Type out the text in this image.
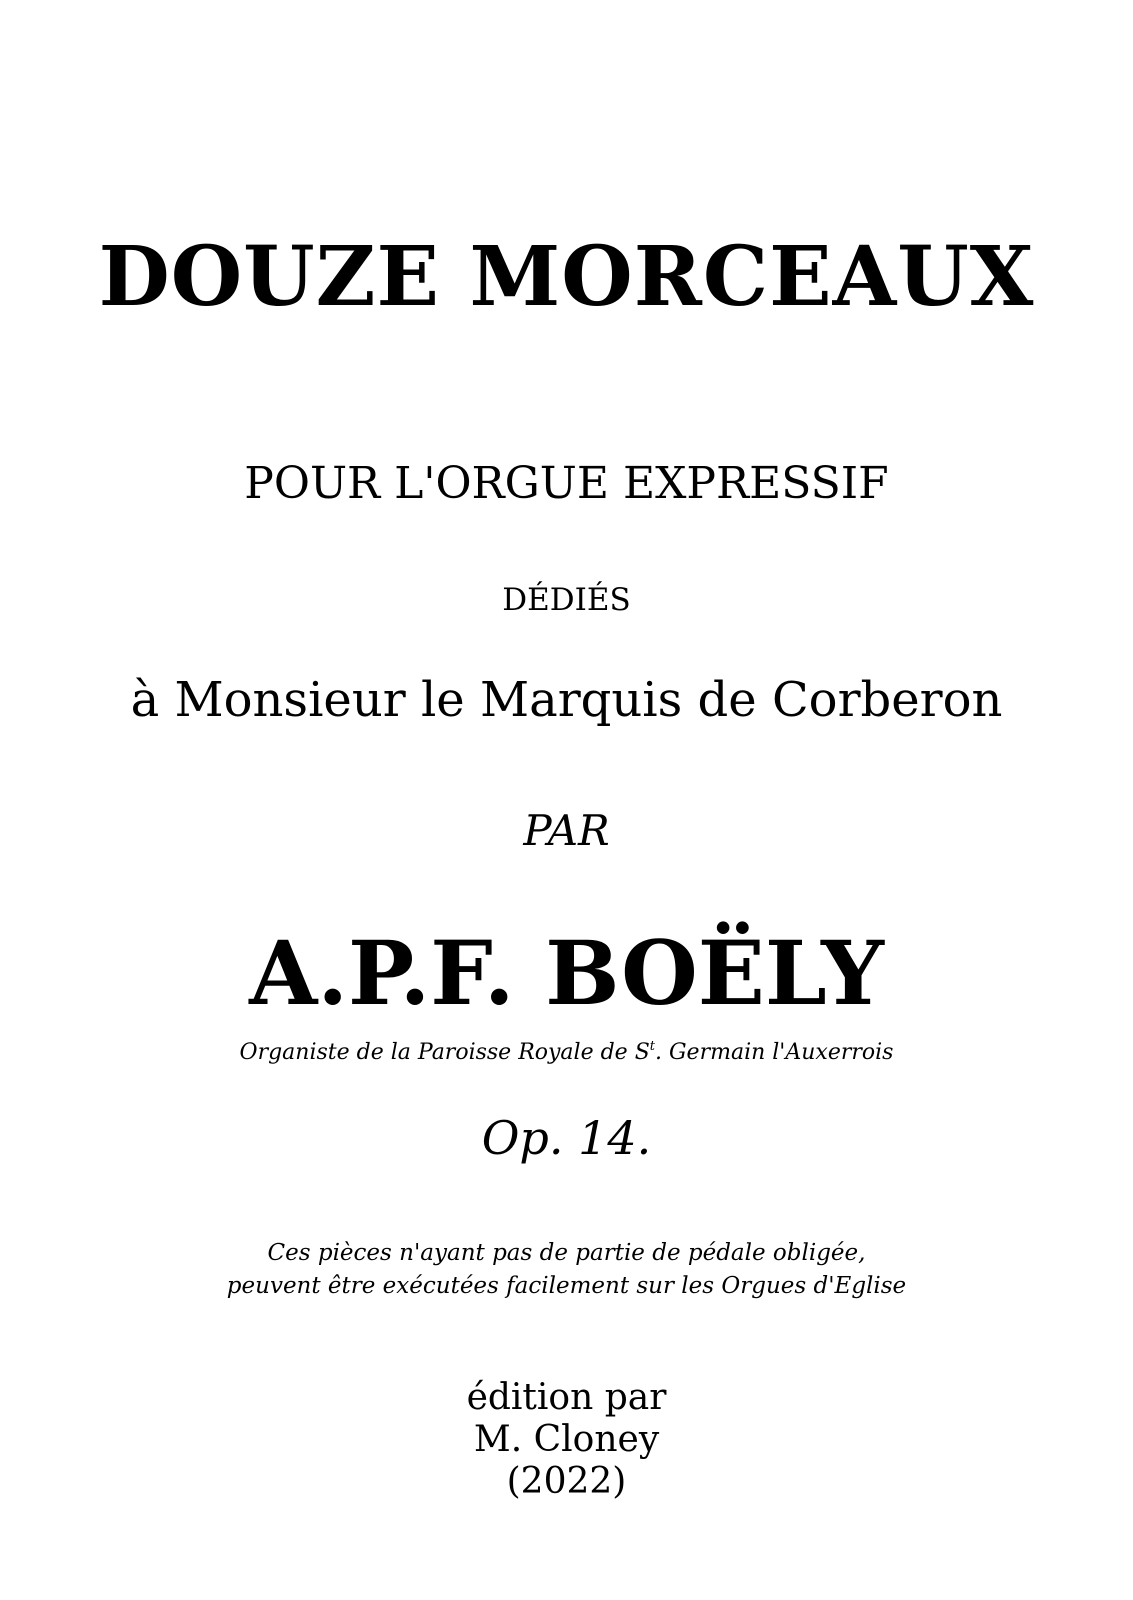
DOUZE MORCEAUX

POUR L'ORGUE EXPRESSIF

DÉDIÉS

à Monsieur le Marquis de Corberon

PAR

A.P.F. BOËLY

Organiste de la Paroisse Royale de $S^t$. Germain l'Auxerrois

Op. 14.

Ces pièces n'ayant pas de partie de pédale obligée,

peuvent être exécutées facilement sur les Orgues d'Eglise

édition par

M. Cloney

(2022)
